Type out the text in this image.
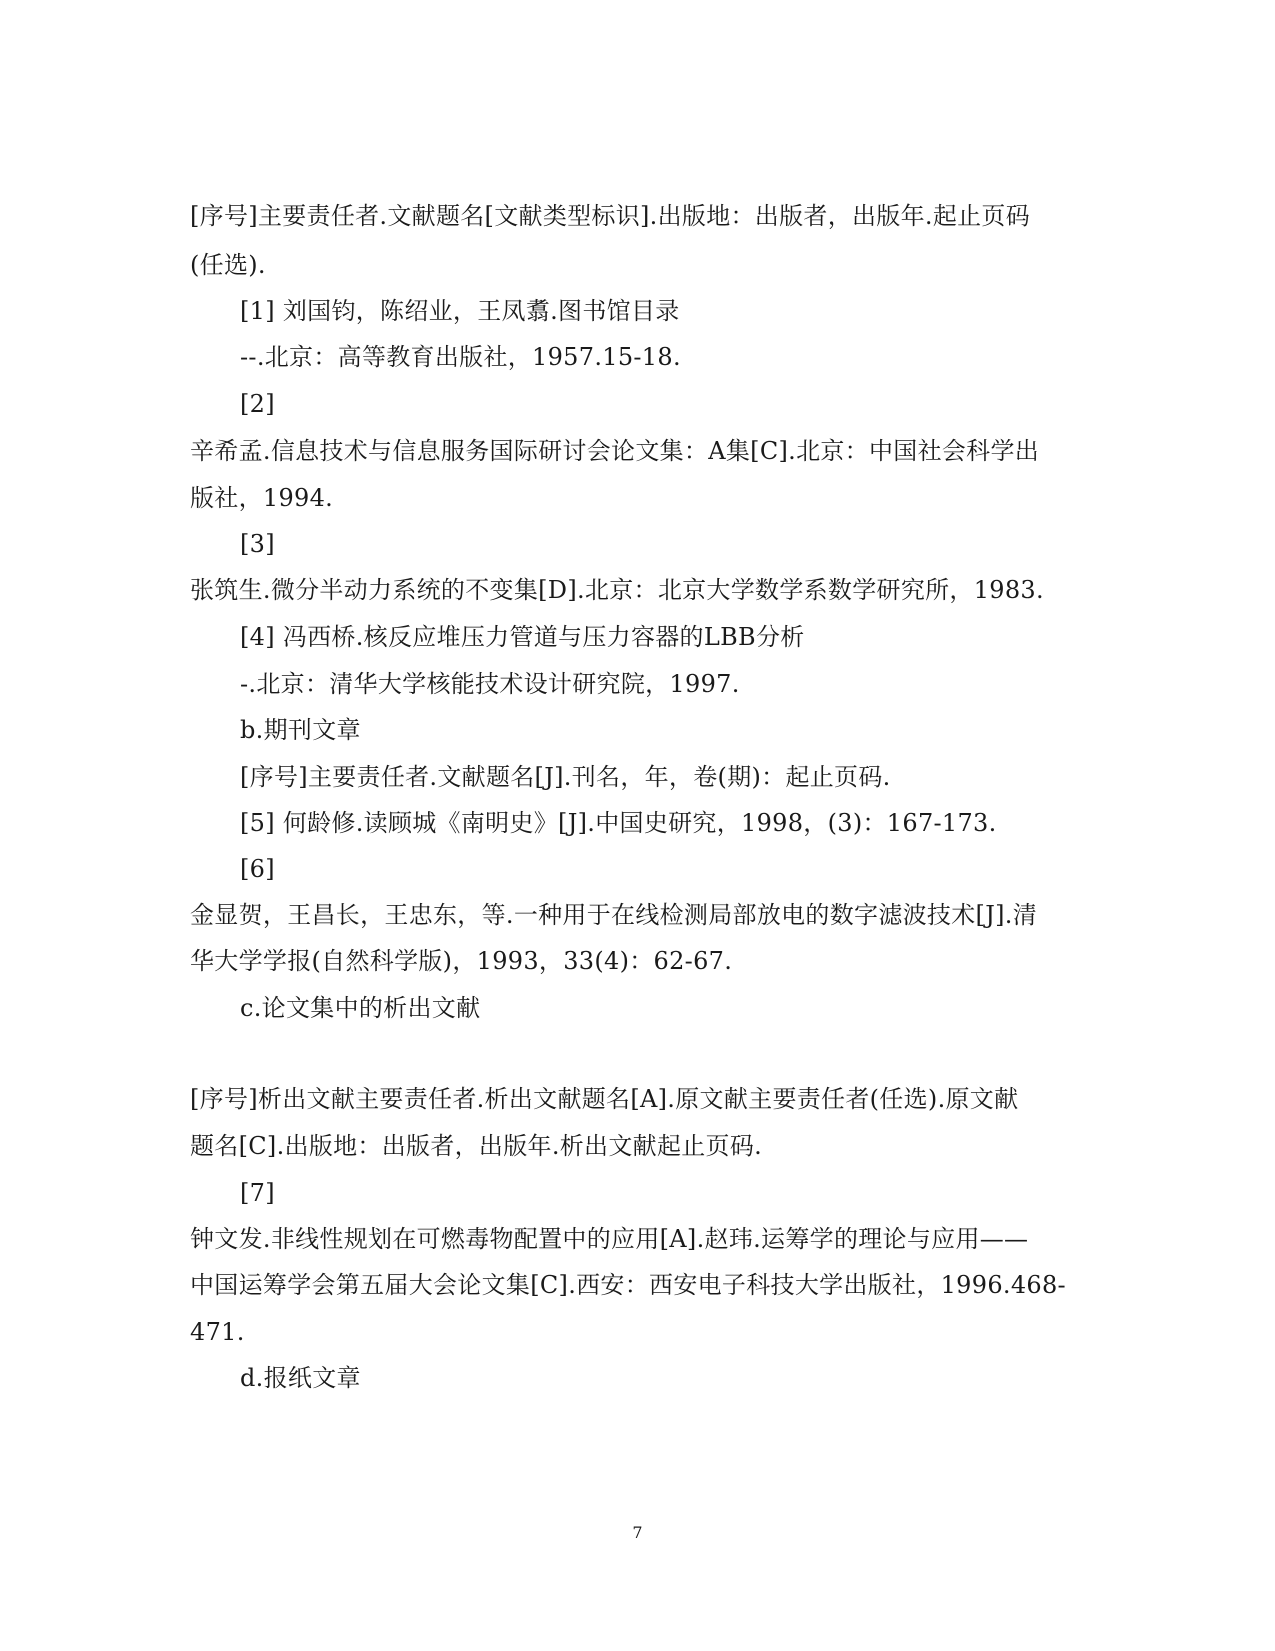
[序号]主要责任者.文献题名[文献类型标识].出版地：出版者，出版年.起止页码
(任选).
[1] 刘国钧，陈绍业，王凤翥.图书馆目录
--.北京：高等教育出版社，1957.15-18.
[2]
辛希孟.信息技术与信息服务国际研讨会论文集：A集[C].北京：中国社会科学出
版社，1994.
[3]
张筑生.微分半动力系统的不变集[D].北京：北京大学数学系数学研究所，1983.
[4] 冯西桥.核反应堆压力管道与压力容器的LBB分析
-.北京：清华大学核能技术设计研究院，1997.
b.期刊文章
[序号]主要责任者.文献题名[J].刊名，年，卷(期)：起止页码.
[5] 何龄修.读顾城《南明史》[J].中国史研究，1998，(3)：167-173.
[6]
金显贺，王昌长，王忠东，等.一种用于在线检测局部放电的数字滤波技术[J].清
华大学学报(自然科学版)，1993，33(4)：62-67.
c.论文集中的析出文献
[序号]析出文献主要责任者.析出文献题名[A].原文献主要责任者(任选).原文献
题名[C].出版地：出版者，出版年.析出文献起止页码.
[7]
钟文发.非线性规划在可燃毒物配置中的应用[A].赵玮.运筹学的理论与应用——
中国运筹学会第五届大会论文集[C].西安：西安电子科技大学出版社，1996.468-
471.
d.报纸文章
7
